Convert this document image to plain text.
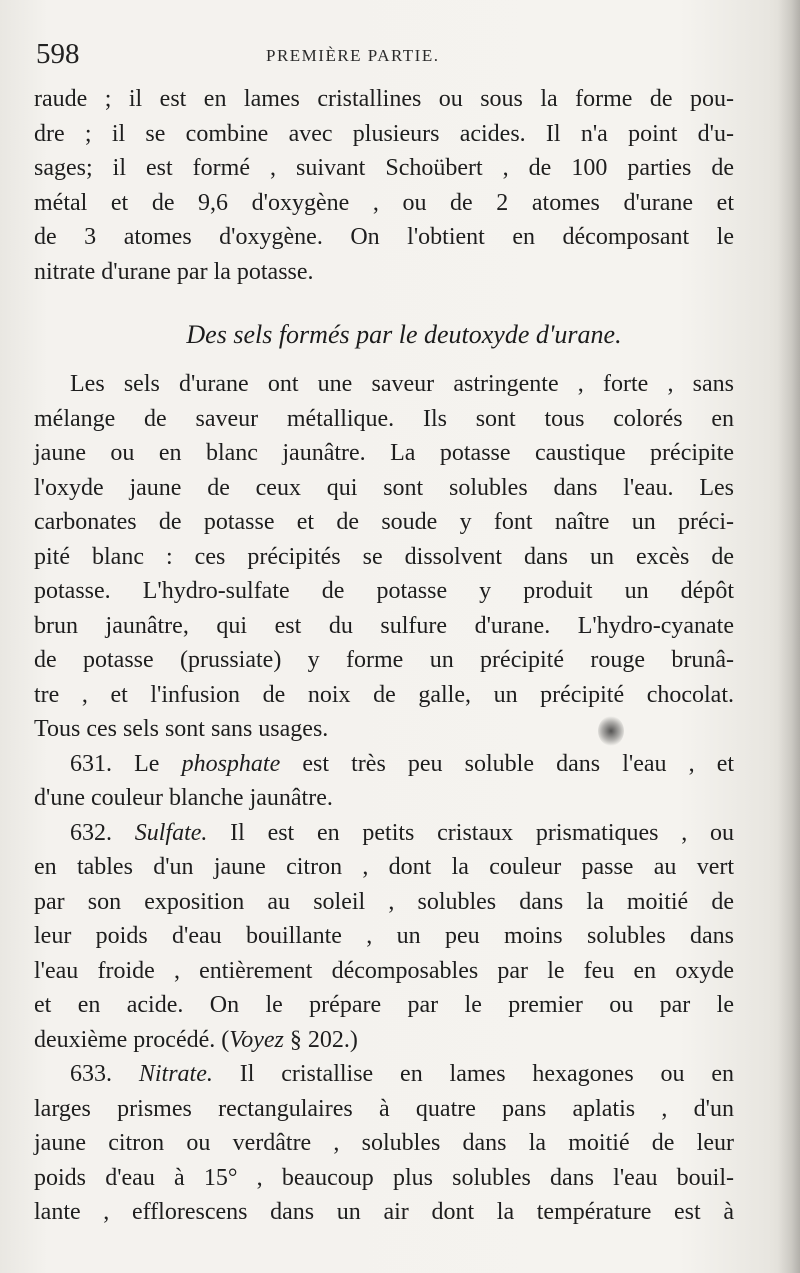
598	PREMIÈRE PARTIE.
raude ; il est en lames cristallines ou sous la forme de pou-
dre ; il se combine avec plusieurs acides. Il n'a point d'u-
sages; il est formé , suivant Schoübert , de 100 parties de
métal et de 9,6 d'oxygène , ou de 2 atomes d'urane et
de 3 atomes d'oxygène. On l'obtient en décomposant le
nitrate d'urane par la potasse.
Des sels formés par le deutoxyde d'urane.
Les sels d'urane ont une saveur astringente , forte , sans
mélange de saveur métallique. Ils sont tous colorés en
jaune ou en blanc jaunâtre. La potasse caustique précipite
l'oxyde jaune de ceux qui sont solubles dans l'eau. Les
carbonates de potasse et de soude y font naître un préci-
pité blanc : ces précipités se dissolvent dans un excès de
potasse. L'hydro-sulfate de potasse y produit un dépôt
brun jaunâtre, qui est du sulfure d'urane. L'hydro-cyanate
de potasse (prussiate) y forme un précipité rouge brunâ-
tre , et l'infusion de noix de galle, un précipité chocolat.
Tous ces sels sont sans usages.
631. Le phosphate est très peu soluble dans l'eau , et
d'une couleur blanche jaunâtre.
632. Sulfate. Il est en petits cristaux prismatiques , ou
en tables d'un jaune citron , dont la couleur passe au vert
par son exposition au soleil , solubles dans la moitié de
leur poids d'eau bouillante , un peu moins solubles dans
l'eau froide , entièrement décomposables par le feu en oxyde
et en acide. On le prépare par le premier ou par le
deuxième procédé. (Voyez § 202.)
633. Nitrate. Il cristallise en lames hexagones ou en
larges prismes rectangulaires à quatre pans aplatis , d'un
jaune citron ou verdâtre , solubles dans la moitié de leur
poids d'eau à 15° , beaucoup plus solubles dans l'eau bouil-
lante , efflorescens dans un air dont la température est à
